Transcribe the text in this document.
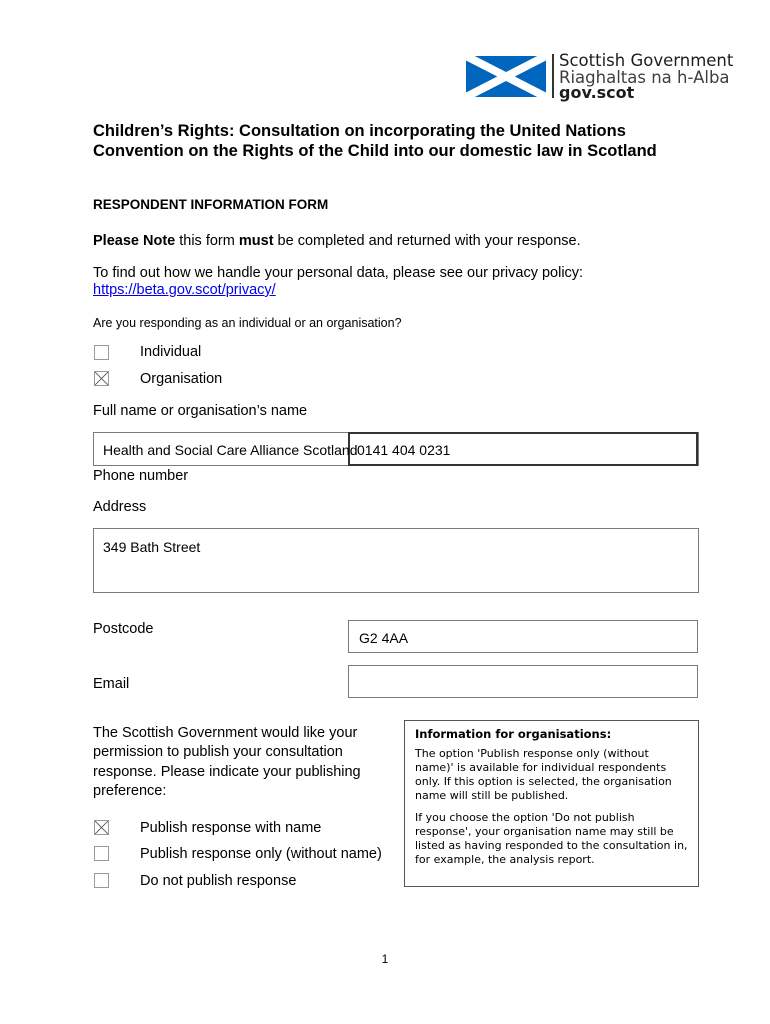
Scottish Government
Riaghaltas na h-Alba
gov.scot
Children’s Rights: Consultation on incorporating the United Nations Convention on the Rights of the Child into our domestic law in Scotland
RESPONDENT INFORMATION FORM
Please Note this form must be completed and returned with your response.
To find out how we handle your personal data, please see our privacy policy:
https://beta.gov.scot/privacy/
Are you responding as an individual or an organisation?
Individual
Organisation
Full name or organisation’s name
Health and Social Care Alliance Scotland 0141 404 0231
Phone number
Address
349 Bath Street
Postcode
G2 4AA
Email
The Scottish Government would like your permission to publish your consultation response. Please indicate your publishing preference:
Publish response with name
Publish response only (without name)
Do not publish response
Information for organisations:
The option 'Publish response only (without name)' is available for individual respondents only. If this option is selected, the organisation name will still be published.
If you choose the option 'Do not publish response', your organisation name may still be listed as having responded to the consultation in, for example, the analysis report.
1
